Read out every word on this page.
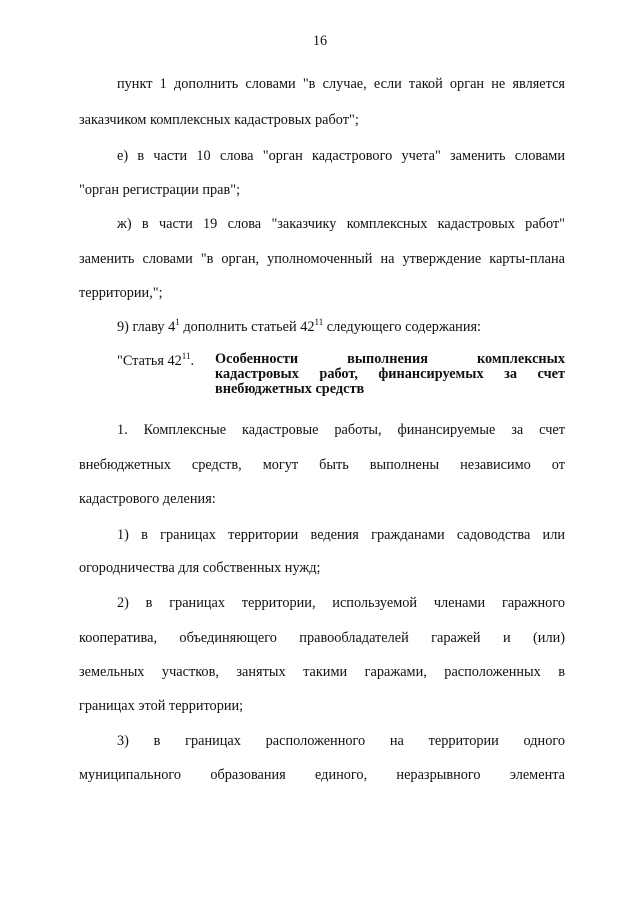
16
пункт 1 дополнить словами "в случае, если такой орган не является
заказчиком комплексных кадастровых работ";
е) в части 10 слова "орган кадастрового учета" заменить словами
"орган регистрации прав";
ж) в части 19 слова "заказчику комплексных кадастровых работ"
заменить словами "в орган, уполномоченный на утверждение карты-плана
территории,";
9) главу $4^1$ дополнить статьей $42^{11}$ следующего содержания:
"Статья $42^{11}$. Особенности выполнения комплексных
кадастровых работ, финансируемых за счет
внебюджетных средств
1. Комплексные кадастровые работы, финансируемые за счет
внебюджетных средств, могут быть выполнены независимо от
кадастрового деления:
1) в границах территории ведения гражданами садоводства или
огородничества для собственных нужд;
2) в границах территории, используемой членами гаражного
кооператива, объединяющего правообладателей гаражей и (или)
земельных участков, занятых такими гаражами, расположенных в
границах этой территории;
3) в границах расположенного на территории одного
муниципального образования единого, неразрывного элемента
